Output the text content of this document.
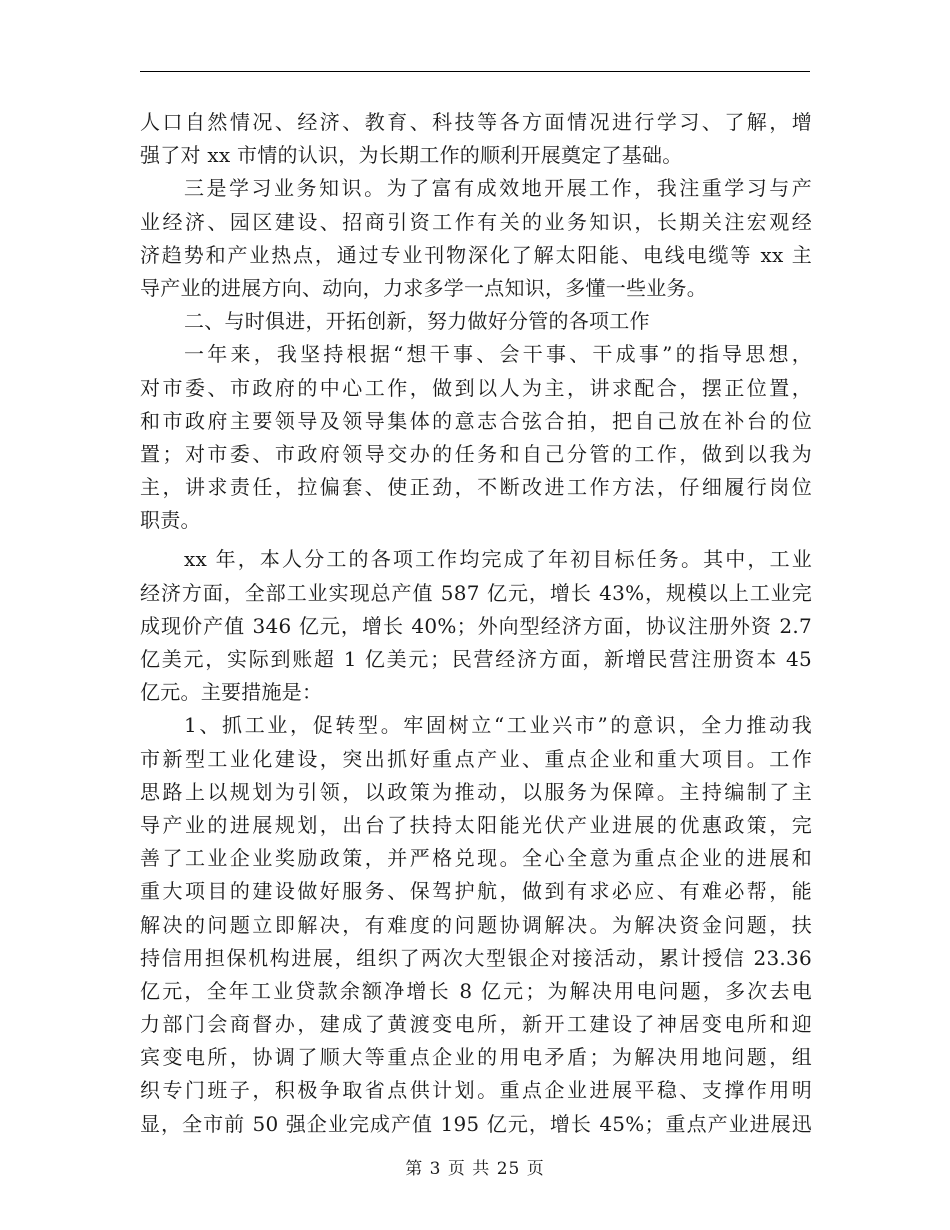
人口自然情况、经济、教育、科技等各方面情况进行学习、了解，增
强了对 xx 市情的认识，为长期工作的顺利开展奠定了基础。
三是学习业务知识。为了富有成效地开展工作，我注重学习与产
业经济、园区建设、招商引资工作有关的业务知识，长期关注宏观经
济趋势和产业热点，通过专业刊物深化了解太阳能、电线电缆等 xx 主
导产业的进展方向、动向，力求多学一点知识，多懂一些业务。
二、与时俱进，开拓创新，努力做好分管的各项工作
一年来，我坚持根据“想干事、会干事、干成事”的指导思想，
对市委、市政府的中心工作，做到以人为主，讲求配合，摆正位置，
和市政府主要领导及领导集体的意志合弦合拍，把自己放在补台的位
置；对市委、市政府领导交办的任务和自己分管的工作，做到以我为
主，讲求责任，拉偏套、使正劲，不断改进工作方法，仔细履行岗位
职责。
xx 年，本人分工的各项工作均完成了年初目标任务。其中，工业
经济方面，全部工业实现总产值 587 亿元，增长 43%，规模以上工业完
成现价产值 346 亿元，增长 40%；外向型经济方面，协议注册外资 2.7
亿美元，实际到账超 1 亿美元；民营经济方面，新增民营注册资本 45
亿元。主要措施是：
1、抓工业，促转型。牢固树立“工业兴市”的意识，全力推动我
市新型工业化建设，突出抓好重点产业、重点企业和重大项目。工作
思路上以规划为引领，以政策为推动，以服务为保障。主持编制了主
导产业的进展规划，出台了扶持太阳能光伏产业进展的优惠政策，完
善了工业企业奖励政策，并严格兑现。全心全意为重点企业的进展和
重大项目的建设做好服务、保驾护航，做到有求必应、有难必帮，能
解决的问题立即解决，有难度的问题协调解决。为解决资金问题，扶
持信用担保机构进展，组织了两次大型银企对接活动，累计授信 23.36
亿元，全年工业贷款余额净增长 8 亿元；为解决用电问题，多次去电
力部门会商督办，建成了黄渡变电所，新开工建设了神居变电所和迎
宾变电所，协调了顺大等重点企业的用电矛盾；为解决用地问题，组
织专门班子，积极争取省点供计划。重点企业进展平稳、支撑作用明
显，全市前 50 强企业完成产值 195 亿元，增长 45%；重点产业进展迅
第 3 页 共 25 页
